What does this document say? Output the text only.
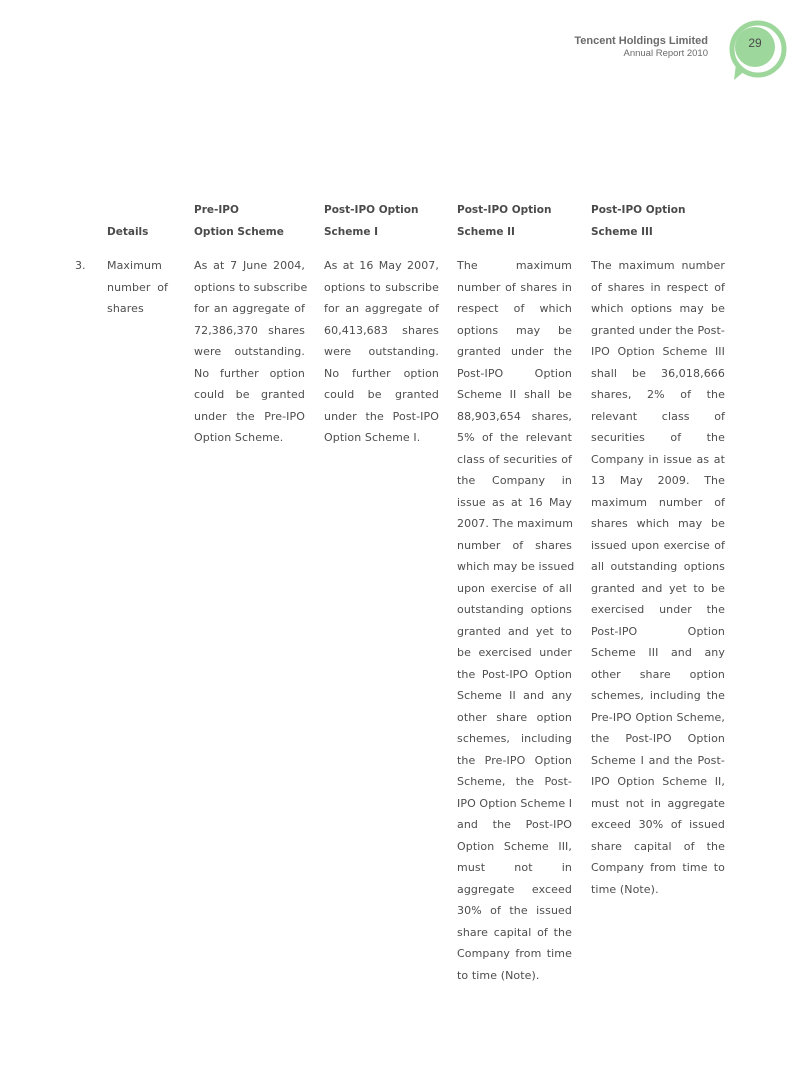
Tencent Holdings Limited
Annual Report 2010
29
Details
Pre-IPO
Option Scheme
Post-IPO Option
Scheme I
Post-IPO Option
Scheme II
Post-IPO Option
Scheme III
3. Maximum
number of
shares
As at 7 June 2004,
options to subscribe
for an aggregate of
72,386,370 shares
were outstanding.
No further option
could be granted
under the Pre-IPO
Option Scheme.
As at 16 May 2007,
options to subscribe
for an aggregate of
60,413,683 shares
were outstanding.
No further option
could be granted
under the Post-IPO
Option Scheme I.
The maximum
number of shares in
respect of which
options may be
granted under the
Post-IPO Option
Scheme II shall be
88,903,654 shares,
5% of the relevant
class of securities of
the Company in
issue as at 16 May
2007. The maximum
number of shares
which may be issued
upon exercise of all
outstanding options
granted and yet to
be exercised under
the Post-IPO Option
Scheme II and any
other share option
schemes, including
the Pre-IPO Option
Scheme, the Post-
IPO Option Scheme I
and the Post-IPO
Option Scheme III,
must not in
aggregate exceed
30% of the issued
share capital of the
Company from time
to time (Note).
The maximum number
of shares in respect of
which options may be
granted under the Post-
IPO Option Scheme III
shall be 36,018,666
shares, 2% of the
relevant class of
securities of the
Company in issue as at
13 May 2009. The
maximum number of
shares which may be
issued upon exercise of
all outstanding options
granted and yet to be
exercised under the
Post-IPO Option
Scheme III and any
other share option
schemes, including the
Pre-IPO Option Scheme,
the Post-IPO Option
Scheme I and the Post-
IPO Option Scheme II,
must not in aggregate
exceed 30% of issued
share capital of the
Company from time to
time (Note).
